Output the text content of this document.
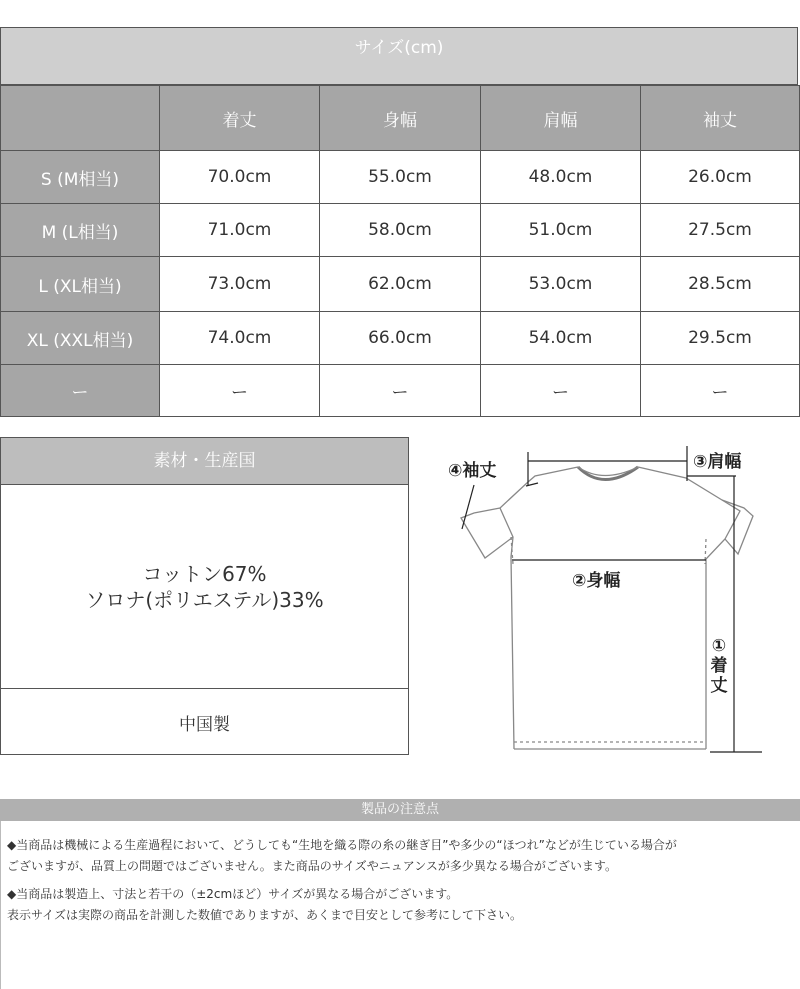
サイズ(cm)
	着丈	身幅	肩幅	袖丈
S (M相当)	70.0cm	55.0cm	48.0cm	26.0cm
M (L相当)	71.0cm	58.0cm	51.0cm	27.5cm
L (XL相当)	73.0cm	62.0cm	53.0cm	28.5cm
XL (XXL相当)	74.0cm	66.0cm	54.0cm	29.5cm
ー	ー	ー	ー	ー
素材・生産国
コットン67%
ソロナ(ポリエステル)33%
中国製
④袖丈	③肩幅
②身幅
①
着
丈
製品の注意点
◆当商品は機械による生産過程において、どうしても“生地を織る際の糸の継ぎ目”や多少の“ほつれ”などが生じている場合が
ございますが、品質上の問題ではございません。また商品のサイズやニュアンスが多少異なる場合がございます。
◆当商品は製造上、寸法と若干の（±2cmほど）サイズが異なる場合がございます。
表示サイズは実際の商品を計測した数値でありますが、あくまで目安として参考にして下さい。
